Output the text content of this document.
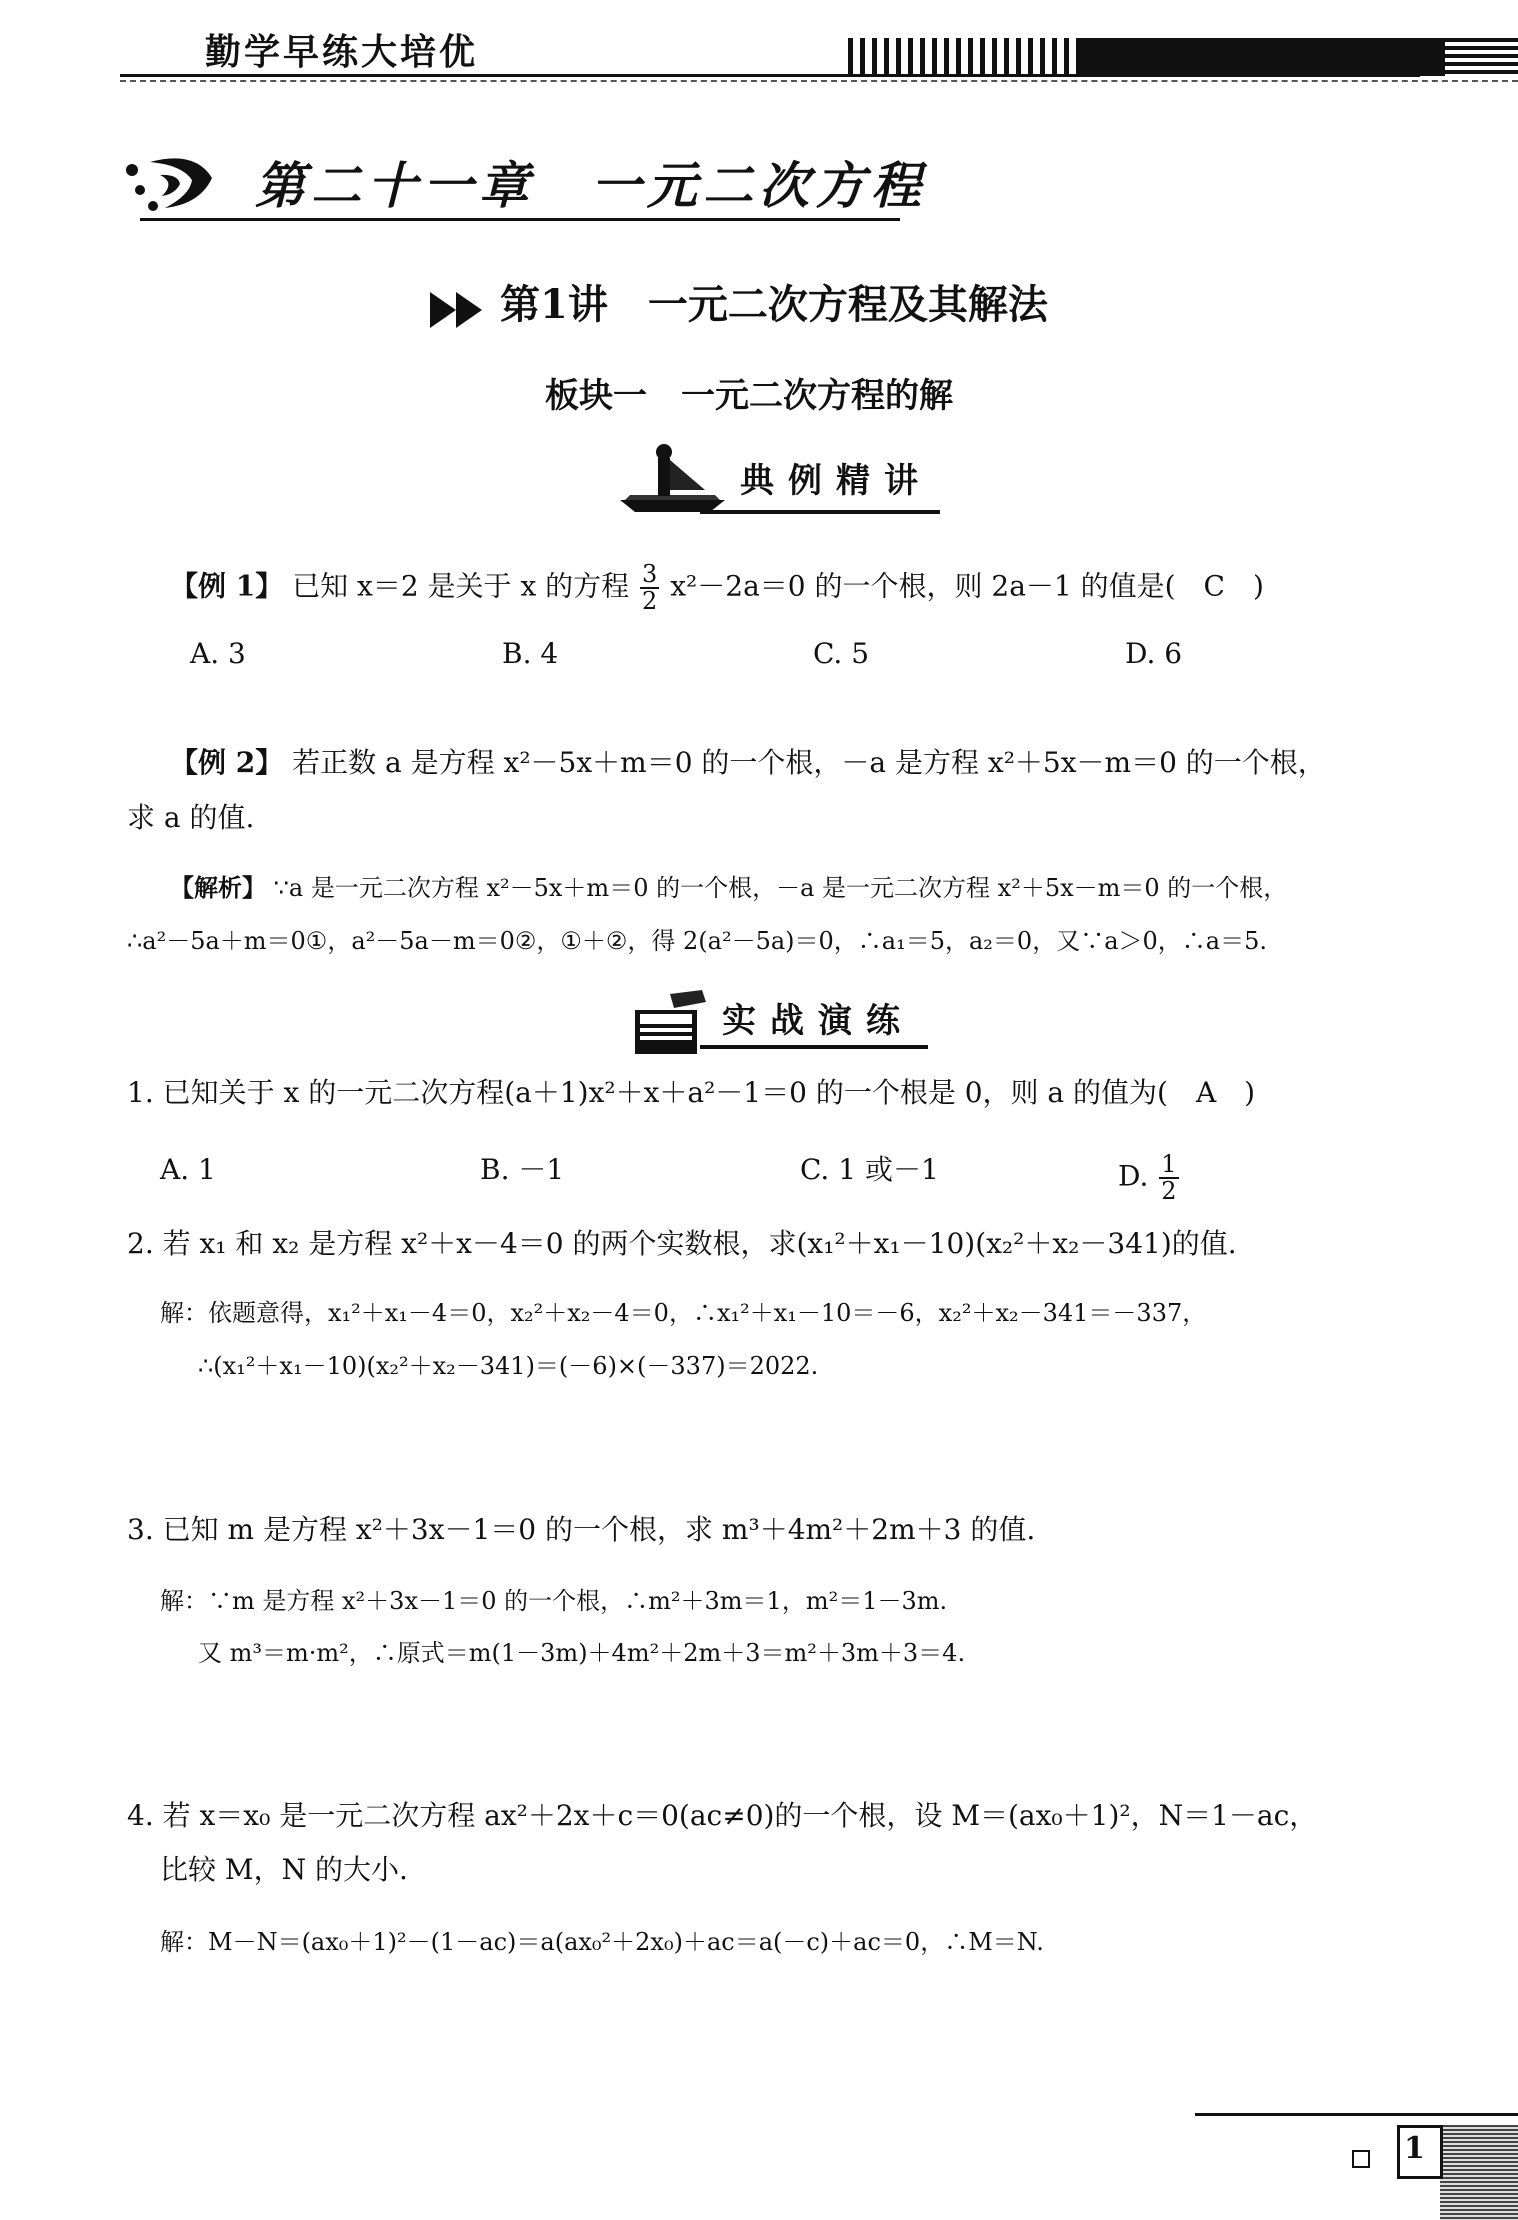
勤学早练大培优
第二十一章　一元二次方程
第1讲　一元二次方程及其解法
板块一　一元二次方程的解
典例精讲
【例 1】 已知 x＝2 是关于 x 的方程 $\frac{3}{2} x^2-2a=0$ 的一个根，则 2a－1 的值是(　C　)
A. 3	B. 4	C. 5	D. 6
【例 2】 若正数 a 是方程 x²－5x＋m＝0 的一个根，－a 是方程 x²＋5x－m＝0 的一个根，
求 a 的值.
【解析】 ∵a 是一元二次方程 x²－5x＋m＝0 的一个根，－a 是一元二次方程 x²＋5x－m＝0 的一个根，
∴a²－5a＋m＝0①，a²－5a－m＝0②，①＋②，得 2(a²－5a)＝0，∴a₁＝5，a₂＝0，又∵a＞0，∴a＝5.
实战演练
1. 已知关于 x 的一元二次方程(a＋1)x²＋x＋a²－1＝0 的一个根是 0，则 a 的值为(　A　)
A. 1	B. －1	C. 1 或－1	D. $\frac{1}{2}$
2. 若 x₁ 和 x₂ 是方程 x²＋x－4＝0 的两个实数根，求(x₁²＋x₁－10)(x₂²＋x₂－341)的值.
解：依题意得，x₁²＋x₁－4＝0，x₂²＋x₂－4＝0，∴x₁²＋x₁－10＝－6，x₂²＋x₂－341＝－337，
∴(x₁²＋x₁－10)(x₂²＋x₂－341)＝(－6)×(－337)＝2022.
3. 已知 m 是方程 x²＋3x－1＝0 的一个根，求 m³＋4m²＋2m＋3 的值.
解：∵m 是方程 x²＋3x－1＝0 的一个根，∴m²＋3m＝1，m²＝1－3m.
又 m³＝m·m²，∴原式＝m(1－3m)＋4m²＋2m＋3＝m²＋3m＋3＝4.
4. 若 x＝x₀ 是一元二次方程 ax²＋2x＋c＝0(ac≠0)的一个根，设 M＝(ax₀＋1)²，N＝1－ac，
比较 M，N 的大小.
解：M－N＝(ax₀＋1)²－(1－ac)＝a(ax₀²＋2x₀)＋ac＝a(－c)＋ac＝0，∴M＝N.
1
